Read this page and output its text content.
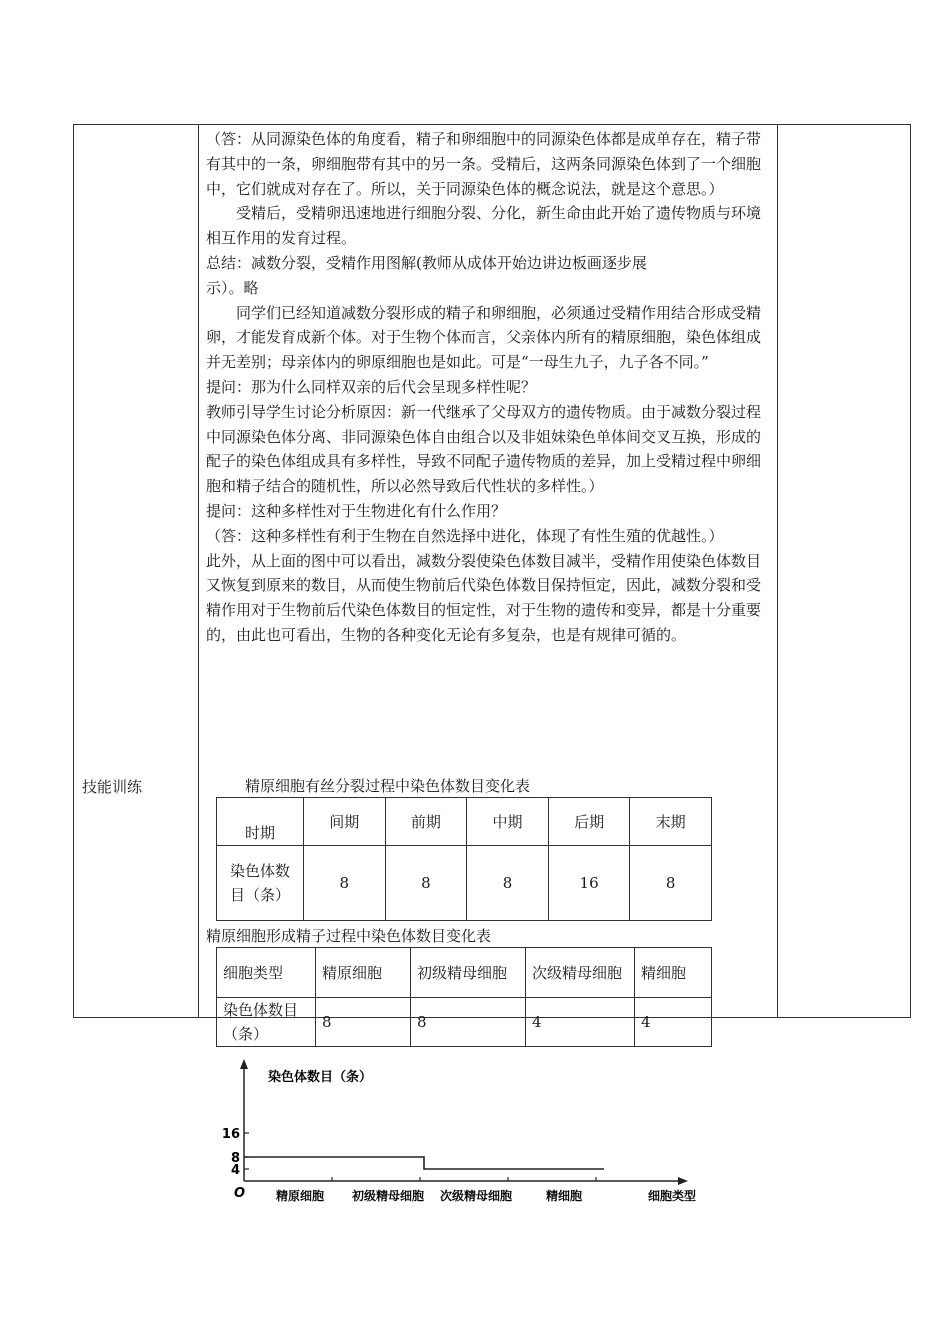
技能训练

（答：从同源染色体的角度看，精子和卵细胞中的同源染色体都是成单存在，精子带有其中的一条，卵细胞带有其中的另一条。受精后，这两条同源染色体到了一个细胞中，它们就成对存在了。所以，关于同源染色体的概念说法，就是这个意思。）

受精后，受精卵迅速地进行细胞分裂、分化，新生命由此开始了遗传物质与环境相互作用的发育过程。

总结：减数分裂，受精作用图解(教师从成体开始边讲边板画逐步展

示）。略

同学们已经知道减数分裂形成的精子和卵细胞，必须通过受精作用结合形成受精卵，才能发育成新个体。对于生物个体而言，父亲体内所有的精原细胞，染色体组成并无差别；母亲体内的卵原细胞也是如此。可是“一母生九子，九子各不同。”

提问：那为什么同样双亲的后代会呈现多样性呢？

教师引导学生讨论分析原因：新一代继承了父母双方的遗传物质。由于减数分裂过程中同源染色体分离、非同源染色体自由组合以及非姐妹染色单体间交叉互换，形成的配子的染色体组成具有多样性，导致不同配子遗传物质的差异，加上受精过程中卵细胞和精子结合的随机性，所以必然导致后代性状的多样性。）

提问：这种多样性对于生物进化有什么作用？

（答：这种多样性有利于生物在自然选择中进化，体现了有性生殖的优越性。）

此外，从上面的图中可以看出，减数分裂使染色体数目减半，受精作用使染色体数目又恢复到原来的数目，从而使生物前后代染色体数目保持恒定，因此，减数分裂和受精作用对于生物前后代染色体数目的恒定性，对于生物的遗传和变异，都是十分重要的，由此也可看出，生物的各种变化无论有多复杂，也是有规律可循的。

精原细胞有丝分裂过程中染色体数目变化表
时期	间期	前期	中期	后期	末期
染色体数目（条）	8	8	8	16	8
精原细胞形成精子过程中染色体数目变化表
细胞类型	精原细胞	初级精母细胞	次级精母细胞	精细胞
染色体数目（条）	8	8	4	4
染色体数目（条）
O
4
8
16
精原细胞 初级精母细胞 次级精母细胞	精细胞	细胞类型
